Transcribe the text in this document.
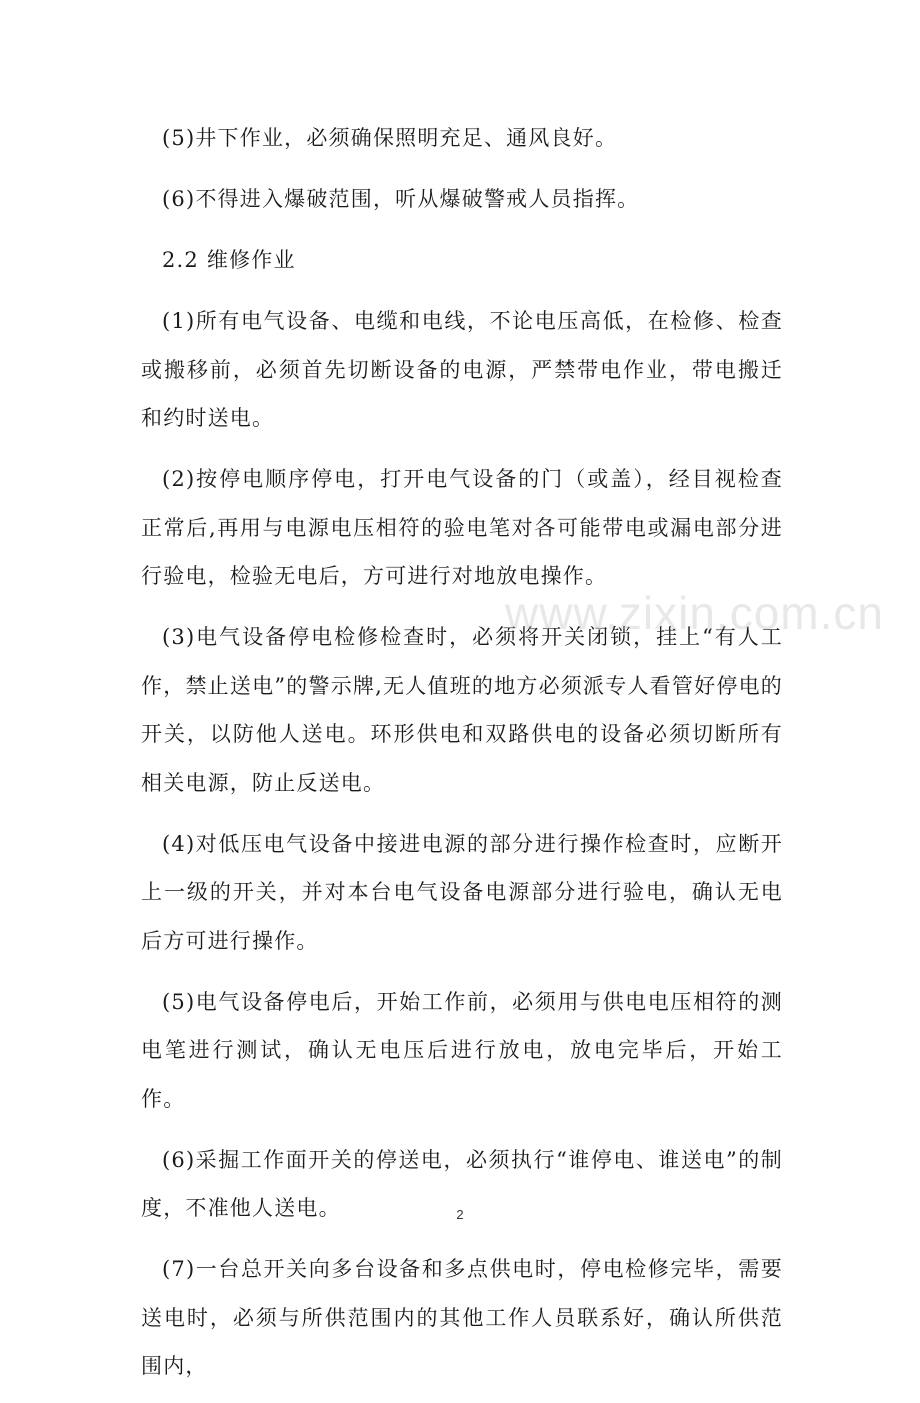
(5)井下作业，必须确保照明充足、通风良好。

(6)不得进入爆破范围，听从爆破警戒人员指挥。

2.2 维修作业

(1)所有电气设备、电缆和电线，不论电压高低，在检修、检查或搬移前，必须首先切断设备的电源，严禁带电作业，带电搬迁和约时送电。

(2)按停电顺序停电，打开电气设备的门（或盖），经目视检查正常后,再用与电源电压相符的验电笔对各可能带电或漏电部分进行验电，检验无电后，方可进行对地放电操作。

(3)电气设备停电检修检查时，必须将开关闭锁，挂上“有人工作，禁止送电”的警示牌,无人值班的地方必须派专人看管好停电的开关，以防他人送电。环形供电和双路供电的设备必须切断所有相关电源，防止反送电。

(4)对低压电气设备中接进电源的部分进行操作检查时，应断开上一级的开关，并对本台电气设备电源部分进行验电，确认无电后方可进行操作。

(5)电气设备停电后，开始工作前，必须用与供电电压相符的测电笔进行测试，确认无电压后进行放电，放电完毕后，开始工作。

(6)采掘工作面开关的停送电，必须执行“谁停电、谁送电”的制度，不准他人送电。

(7)一台总开关向多台设备和多点供电时，停电检修完毕，需要送电时，必须与所供范围内的其他工作人员联系好，确认所供范围内，

www.zixin.com.cn
2
